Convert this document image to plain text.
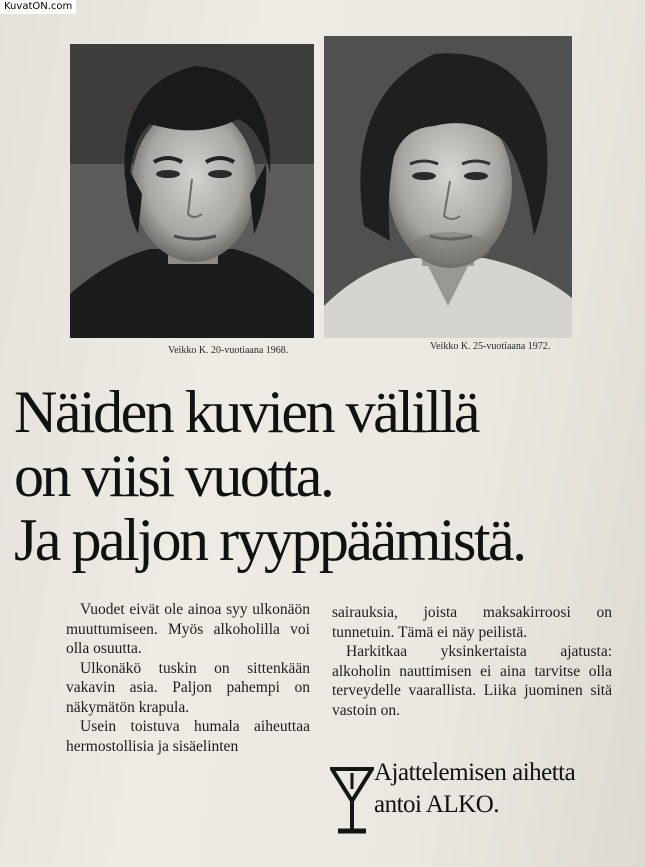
KuvatON.com
Veikko K. 20-vuotiaana 1968.	Veikko K. 25-vuotiaana 1972.
Näiden kuvien välillä
on viisi vuotta.
Ja paljon ryyppäämistä.

Vuodet eivät ole ainoa syy ulkonäön muuttumiseen. Myös alkoholilla voi olla osuutta.

Ulkonäkö tuskin on sittenkään vakavin asia. Paljon pahempi on näkymätön krapula.

Usein toistuva humala aiheuttaa hermostollisia ja sisäelinten

sairauksia, joista maksakirroosi on tunnetuin. Tämä ei näy peilistä.

Harkitkaa yksinkertaista ajatusta: alkoholin nauttimisen ei aina tarvitse olla terveydelle vaarallista. Liika juominen sitä vastoin on.

Ajattelemisen aihetta
antoi ALKO.
